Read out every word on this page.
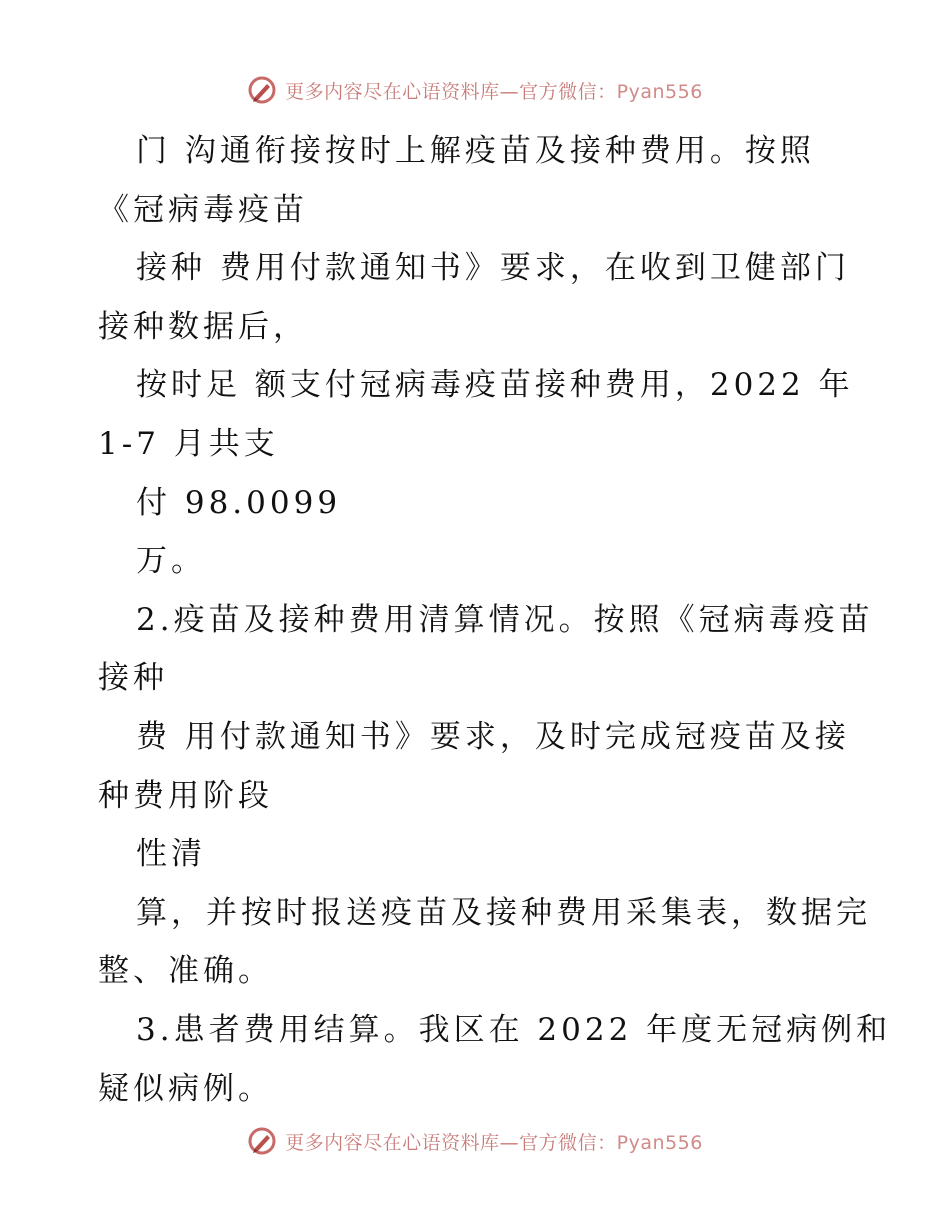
更多内容尽在心语资料库—官方微信：Pyan556
门 沟通衔接按时上解疫苗及接种费用。按照
《冠病毒疫苗
接种 费用付款通知书》要求，在收到卫健部门
接种数据后，
按时足 额支付冠病毒疫苗接种费用，2022 年
1-7 月共支
付 98.0099
万。
2.疫苗及接种费用清算情况。按照《冠病毒疫苗
接种
费 用付款通知书》要求，及时完成冠疫苗及接
种费用阶段
性清
算，并按时报送疫苗及接种费用采集表，数据完
整、准确。
3.患者费用结算。我区在 2022 年度无冠病例和
疑似病例。
更多内容尽在心语资料库—官方微信：Pyan556
